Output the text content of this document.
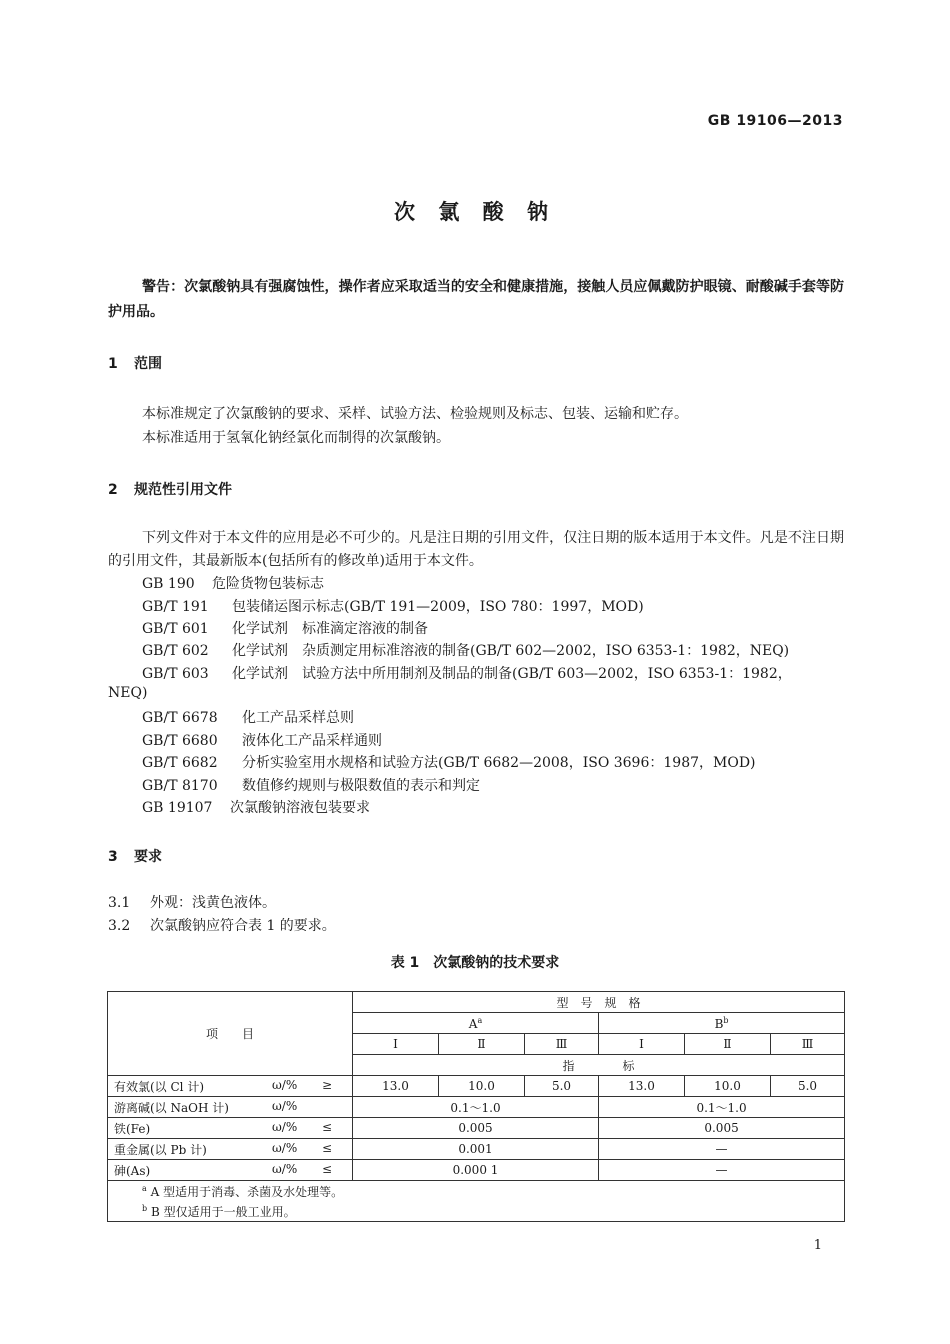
GB 19106—2013
次 氯 酸 钠
警告：次氯酸钠具有强腐蚀性，操作者应采取适当的安全和健康措施，接触人员应佩戴防护眼镜、耐酸碱手套等防护用品。
1 范围
本标准规定了次氯酸钠的要求、采样、试验方法、检验规则及标志、包装、运输和贮存。
本标准适用于氢氧化钠经氯化而制得的次氯酸钠。
2 规范性引用文件
下列文件对于本文件的应用是必不可少的。凡是注日期的引用文件，仅注日期的版本适用于本文件。凡是不注日期的引用文件，其最新版本(包括所有的修改单)适用于本文件。
GB 190 危险货物包装标志
GB/T 191 包装储运图示标志(GB/T 191—2009，ISO 780：1997，MOD)
GB/T 601 化学试剂　标准滴定溶液的制备
GB/T 602 化学试剂　杂质测定用标准溶液的制备(GB/T 602—2002，ISO 6353-1：1982，NEQ)
GB/T 603 化学试剂　试验方法中所用制剂及制品的制备(GB/T 603—2002，ISO 6353-1：1982，
NEQ)
GB/T 6678 化工产品采样总则
GB/T 6680 液体化工产品采样通则
GB/T 6682 分析实验室用水规格和试验方法(GB/T 6682—2008，ISO 3696：1987，MOD)
GB/T 8170 数值修约规则与极限数值的表示和判定
GB 19107 次氯酸钠溶液包装要求
3 要求
3.1 外观：浅黄色液体。
3.2 次氯酸钠应符合表 1 的要求。
表 1　次氯酸钠的技术要求
项　　目	型　号　规　格					
	$A^a$			$B^b$
	Ⅰ	Ⅱ	Ⅲ	Ⅰ	Ⅱ	Ⅲ
	指　　　　标					

有效氯(以 Cl 计) ω/% ≥	13.0	10.0	5.0	13.0	10.0	5.0

游离碱(以 NaOH 计) ω/%	0.1～1.0			0.1～1.0		

铁(Fe) ω/% ≤	0.005			0.005		

重金属(以 Pb 计) ω/% ≤	0.001			—		

砷(As) ω/% ≤	0.000 1			—		
$^a$ A 型适用于消毒、杀菌及水处理等。						
$^b$ B 型仅适用于一般工业用。						
1
